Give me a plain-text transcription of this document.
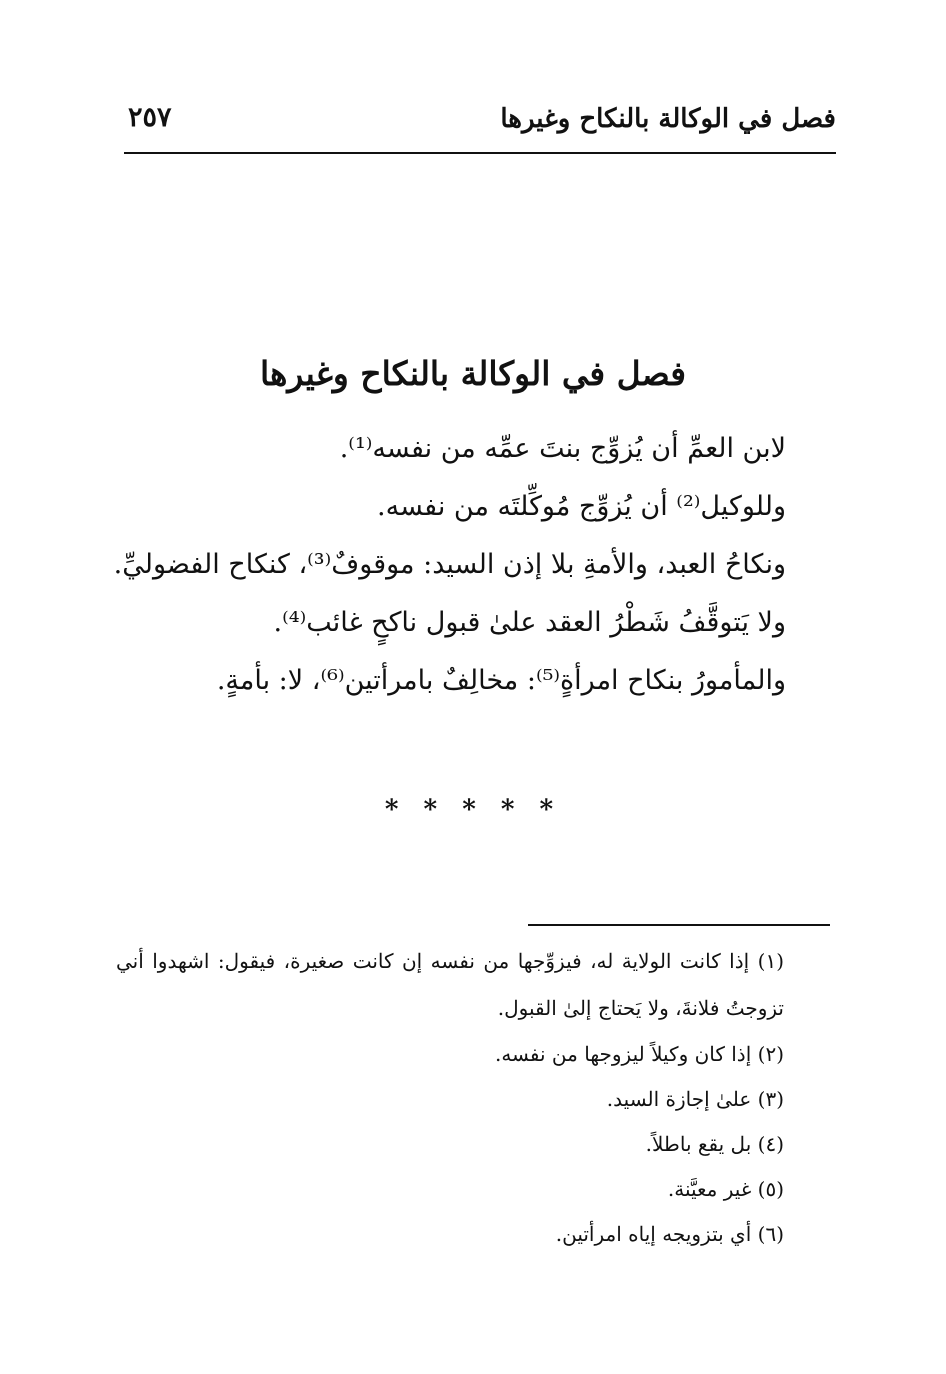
فصل في الوكالة بالنكاح وغيرها
٢٥٧
فصل في الوكالة بالنكاح وغيرها
لابن العمِّ أن يُزوِّج بنتَ عمِّه من نفسه⁽¹⁾.
وللوكيل⁽²⁾ أن يُزوِّج مُوكِّلتَه من نفسه.
ونكاحُ العبد، والأمةِ بلا إذن السيد: موقوفٌ⁽³⁾، كنكاح الفضوليِّ.
ولا يَتوقَّفُ شَطْرُ العقد علىٰ قبول ناكحٍ غائب⁽⁴⁾.
والمأمورُ بنكاح امرأةٍ⁽⁵⁾: مخالِفٌ بامرأتين⁽⁶⁾، لا: بأمةٍ.
* * * * *
(١) إذا كانت الولاية له، فيزوِّجها من نفسه إن كانت صغيرة، فيقول: اشهدوا أني تزوجتُ فلانةَ، ولا يَحتاج إلىٰ القبول.
(٢) إذا كان وكيلاً ليزوجها من نفسه.
(٣) علىٰ إجازة السيد.
(٤) بل يقع باطلاً.
(٥) غير معيَّنة.
(٦) أي بتزويجه إياه امرأتين.
